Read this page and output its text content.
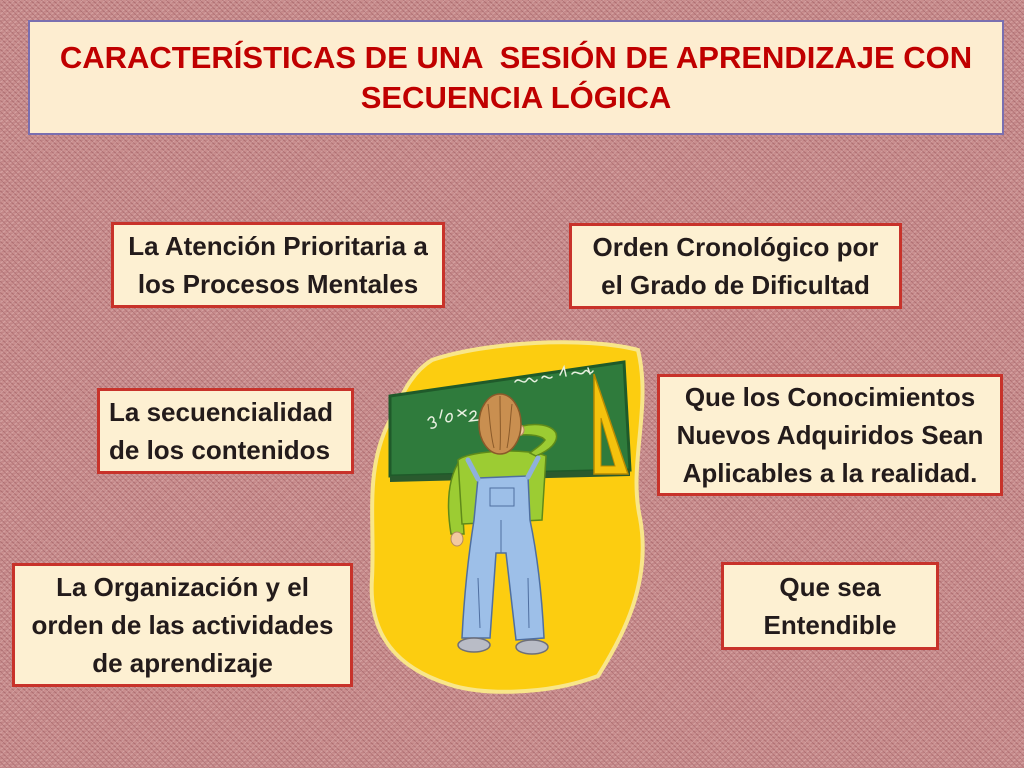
CARACTERÍSTICAS DE UNA  SESIÓN DE APRENDIZAJE CON
SECUENCIA LÓGICA
La Atención Prioritaria a
los Procesos Mentales
Orden Cronológico por
el Grado de Dificultad
La secuencialidad
de los contenidos
Que los Conocimientos
Nuevos Adquiridos Sean
Aplicables a la realidad.
La Organización y el
orden de las actividades
de aprendizaje
Que sea
Entendible
